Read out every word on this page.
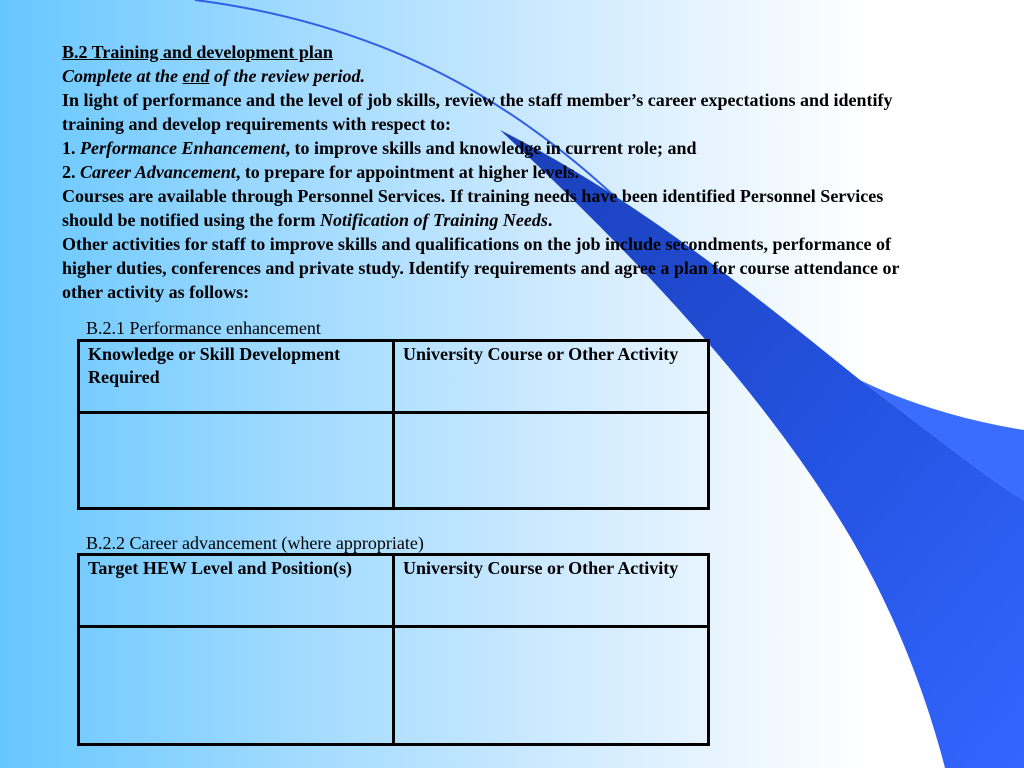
B.2 Training and development plan

Complete at the end of the review period.

In light of performance and the level of job skills, review the staff member’s career expectations and identify training and develop requirements with respect to:

1. Performance Enhancement, to improve skills and knowledge in current role; and

2. Career Advancement, to prepare for appointment at higher levels.

Courses are available through Personnel Services. If training needs have been identified Personnel Services should be notified using the form Notification of Training Needs.

Other activities for staff to improve skills and qualifications on the job include secondments, performance of higher duties, conferences and private study. Identify requirements and agree a plan for course attendance or other activity as follows:

B.2.1 Performance enhancement
Knowledge or Skill Development Required	University Course or Other Activity

B.2.2 Career advancement (where appropriate)
Target HEW Level and Position(s)	University Course or Other Activity
